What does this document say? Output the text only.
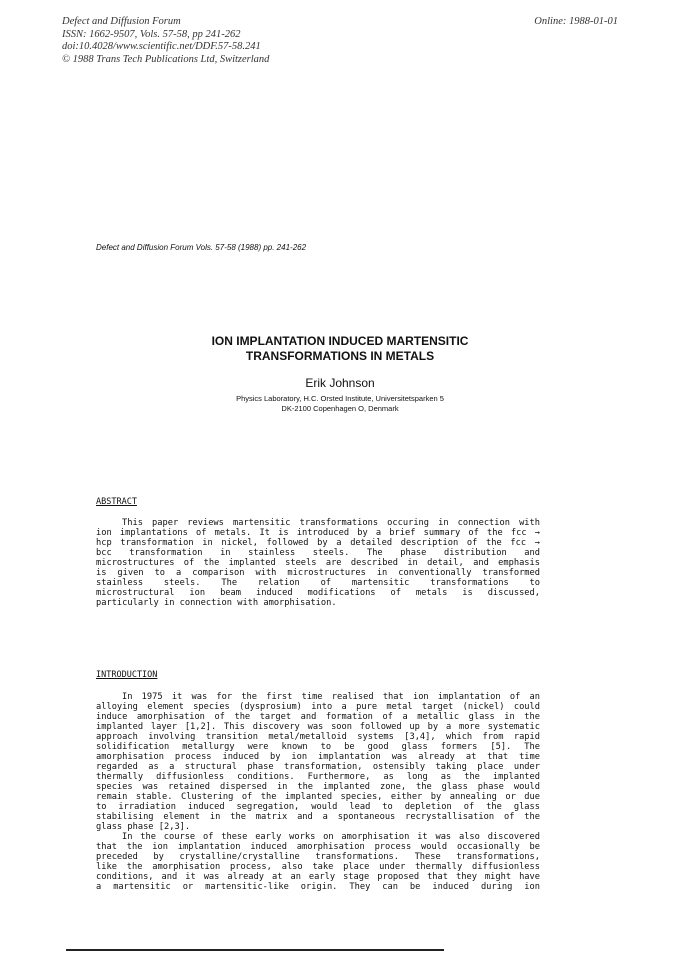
Defect and Diffusion Forum
ISSN: 1662-9507, Vols. 57-58, pp 241-262
doi:10.4028/www.scientific.net/DDF.57-58.241
© 1988 Trans Tech Publications Ltd, Switzerland
Online: 1988-01-01
Defect and Diffusion Forum Vols. 57-58 (1988) pp. 241-262
ION IMPLANTATION INDUCED MARTENSITIC
TRANSFORMATIONS IN METALS
Erik Johnson
Physics Laboratory, H.C. Orsted Institute, Universitetsparken 5
DK-2100 Copenhagen O, Denmark
ABSTRACT
This paper reviews martensitic transformations occuring in connection with
ion implantations of metals. It is introduced by a brief summary of the fcc →
hcp transformation in nickel, followed by a detailed description of the fcc →
bcc transformation in stainless steels. The phase distribution and
microstructures of the implanted steels are described in detail, and emphasis
is given to a comparison with microstructures in conventionally transformed
stainless steels. The relation of martensitic transformations to
microstructural ion beam induced modifications of metals is discussed,
particularly in connection with amorphisation.
INTRODUCTION
In 1975 it was for the first time realised that ion implantation of an
alloying element species (dysprosium) into a pure metal target (nickel) could
induce amorphisation of the target and formation of a metallic glass in the
implanted layer [1,2]. This discovery was soon followed up by a more systematic
approach involving transition metal/metalloid systems [3,4], which from rapid
solidification metallurgy were known to be good glass formers [5]. The
amorphisation process induced by ion implantation was already at that time
regarded as a structural phase transformation, ostensibly taking place under
thermally diffusionless conditions. Furthermore, as long as the implanted
species was retained dispersed in the implanted zone, the glass phase would
remain stable. Clustering of the implanted species, either by annealing or due
to irradiation induced segregation, would lead to depletion of the glass
stabilising element in the matrix and a spontaneous recrystallisation of the
glass phase [2,3].
In the course of these early works on amorphisation it was also discovered
that the ion implantation induced amorphisation process would occasionally be
preceded by crystalline/crystalline transformations. These transformations,
like the amorphisation process, also take place under thermally diffusionless
conditions, and it was already at an early stage proposed that they might have
a martensitic or martensitic-like origin. They can be induced during ion
